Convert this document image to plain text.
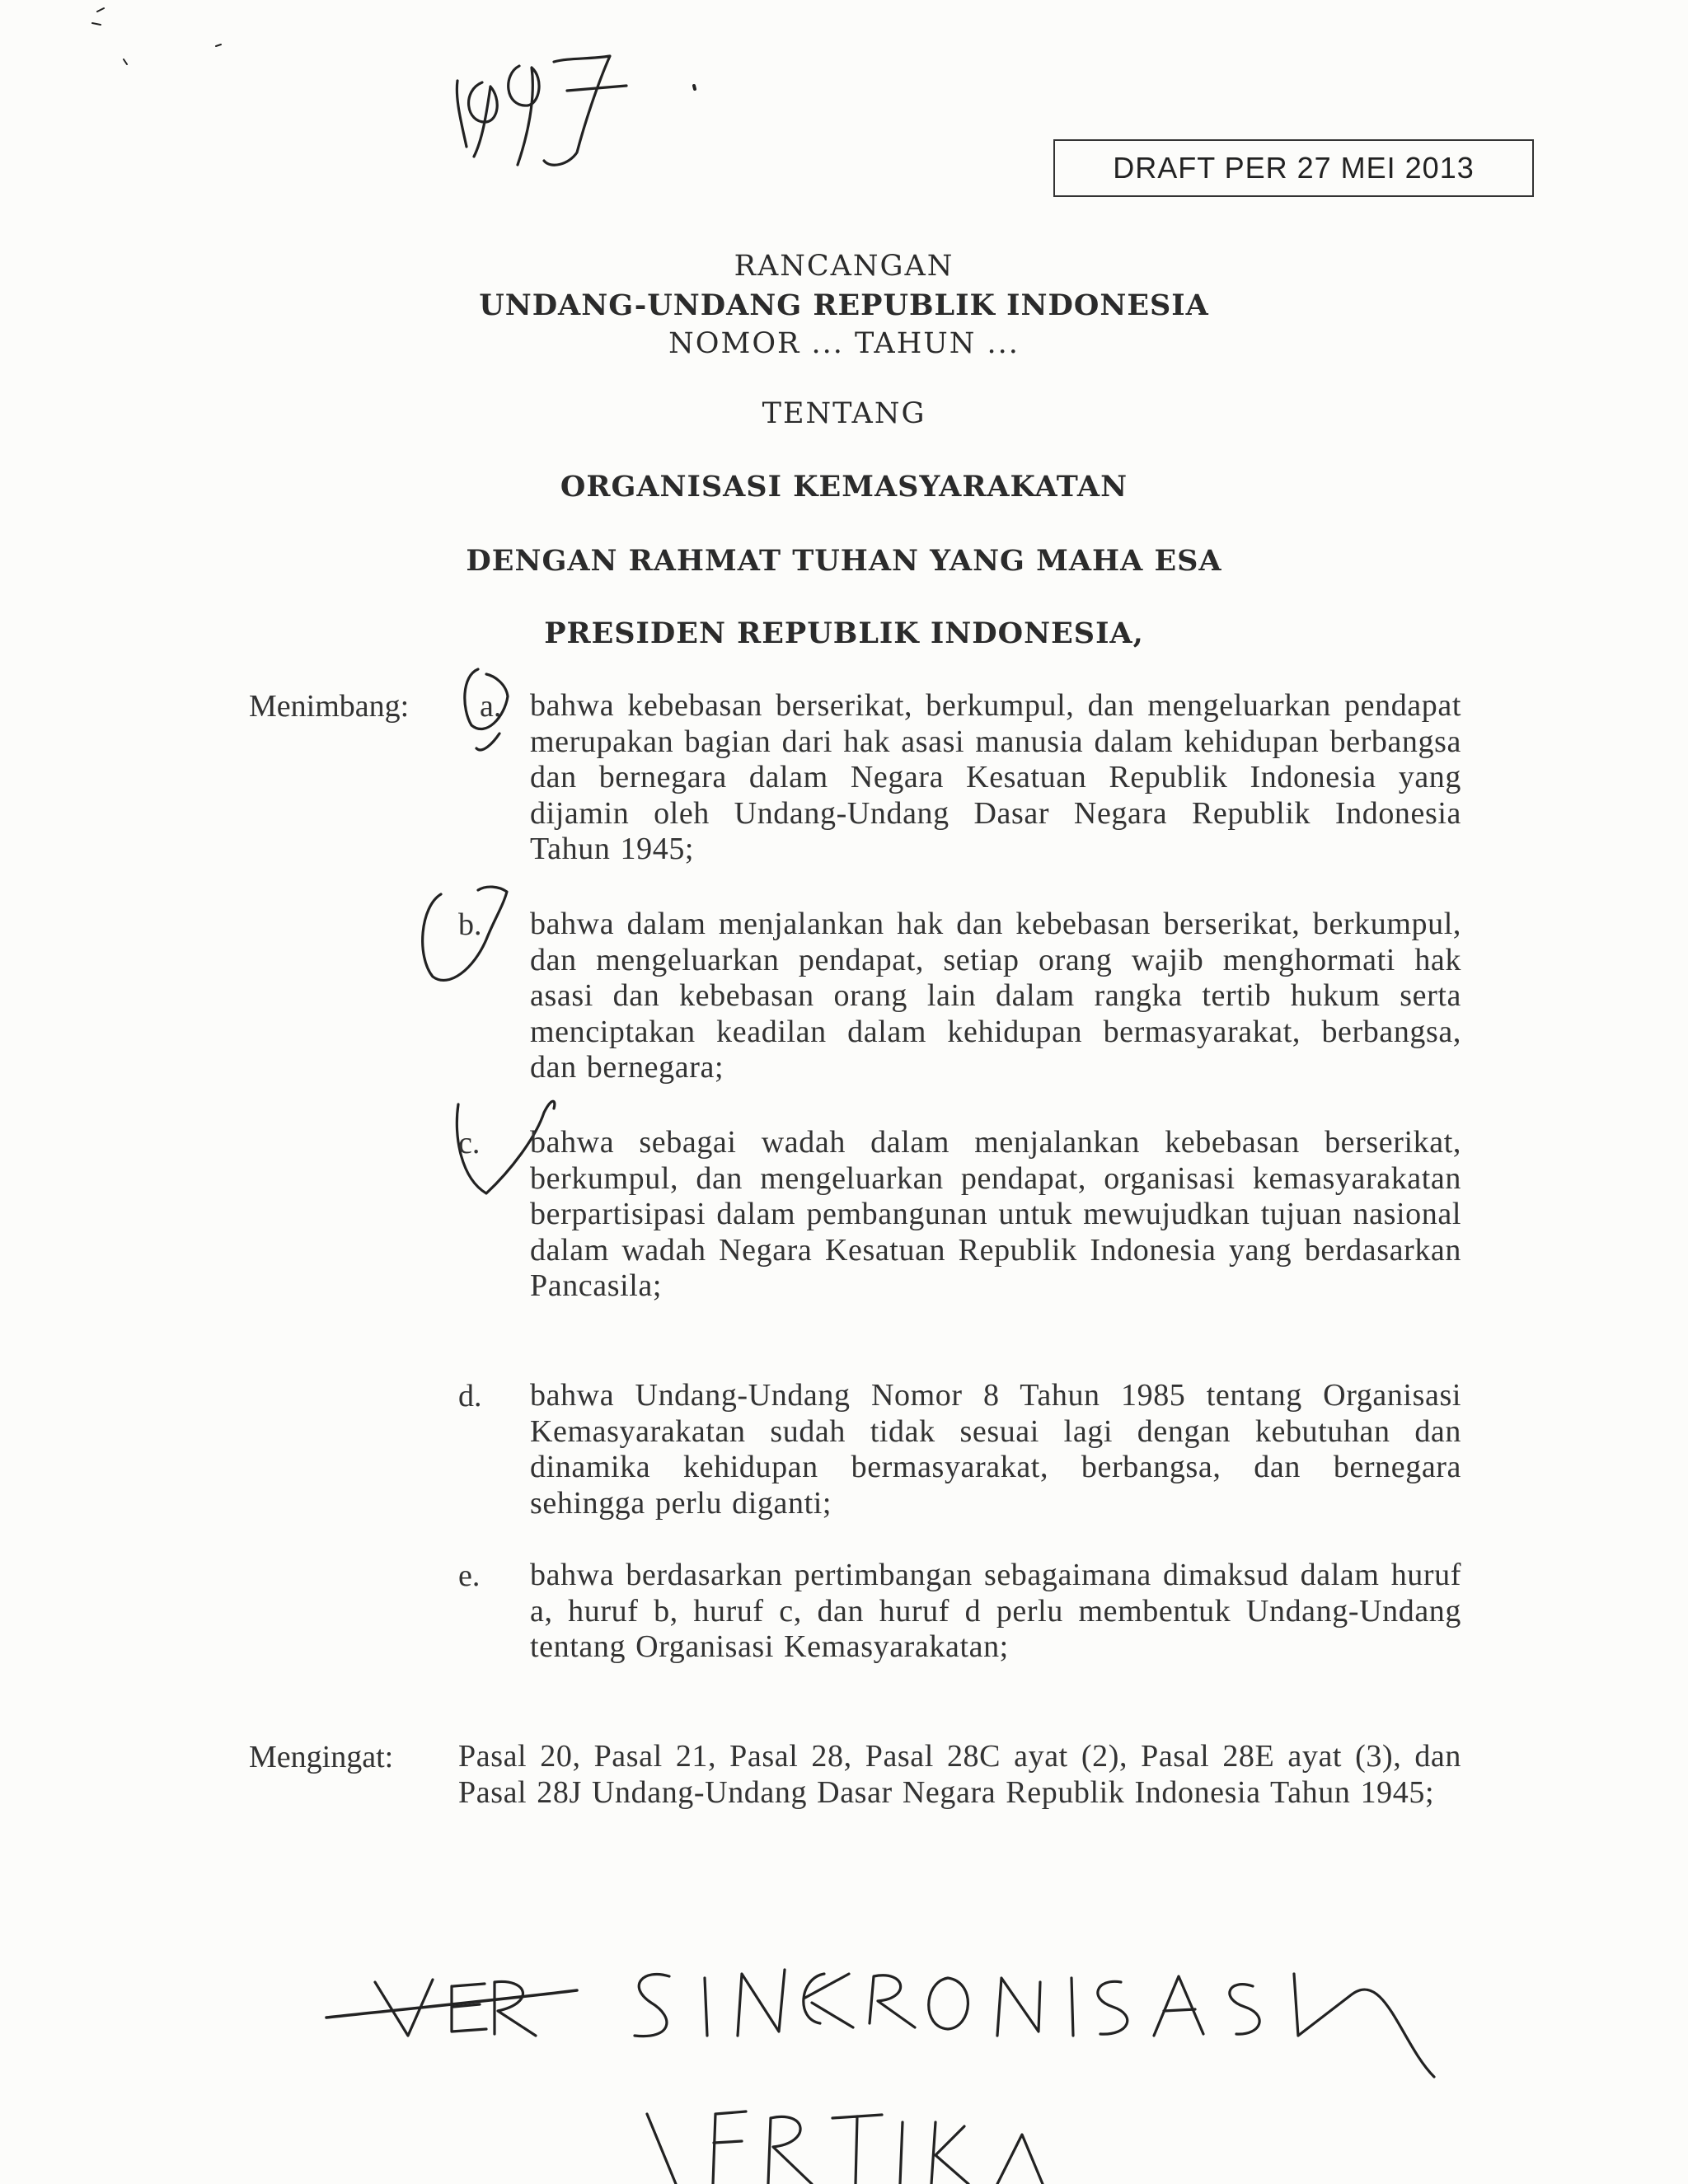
DRAFT PER 27 MEI 2013
RANCANGAN
UNDANG-UNDANG REPUBLIK INDONESIA
NOMOR ... TAHUN ...
TENTANG
ORGANISASI KEMASYARAKATAN
DENGAN RAHMAT TUHAN YANG MAHA ESA
PRESIDEN REPUBLIK INDONESIA,
Menimbang: a. bahwa kebebasan berserikat, berkumpul, dan mengeluarkan pendapat merupakan bagian dari hak asasi manusia dalam kehidupan berbangsa dan bernegara dalam Negara Kesatuan Republik Indonesia yang dijamin oleh Undang-Undang Dasar Negara Republik Indonesia Tahun 1945;
b.	bahwa dalam menjalankan hak dan kebebasan berserikat, berkumpul, dan mengeluarkan pendapat, setiap orang wajib menghormati hak asasi dan kebebasan orang lain dalam rangka tertib hukum serta menciptakan keadilan dalam kehidupan bermasyarakat, berbangsa, dan bernegara;
c.	bahwa sebagai wadah dalam menjalankan kebebasan berserikat, berkumpul, dan mengeluarkan pendapat, organisasi kemasyarakatan berpartisipasi dalam pembangunan untuk mewujudkan tujuan nasional dalam wadah Negara Kesatuan Republik Indonesia yang berdasarkan Pancasila;
d.	bahwa Undang-Undang Nomor 8 Tahun 1985 tentang Organisasi Kemasyarakatan sudah tidak sesuai lagi dengan kebutuhan dan dinamika kehidupan bermasyarakat, berbangsa, dan bernegara sehingga perlu diganti;
e.	bahwa berdasarkan pertimbangan sebagaimana dimaksud dalam huruf a, huruf b, huruf c, dan huruf d perlu membentuk Undang-Undang tentang Organisasi Kemasyarakatan;
Mengingat: Pasal 20, Pasal 21, Pasal 28, Pasal 28C ayat (2), Pasal 28E ayat (3), dan Pasal 28J Undang-Undang Dasar Negara Republik Indonesia Tahun 1945;
